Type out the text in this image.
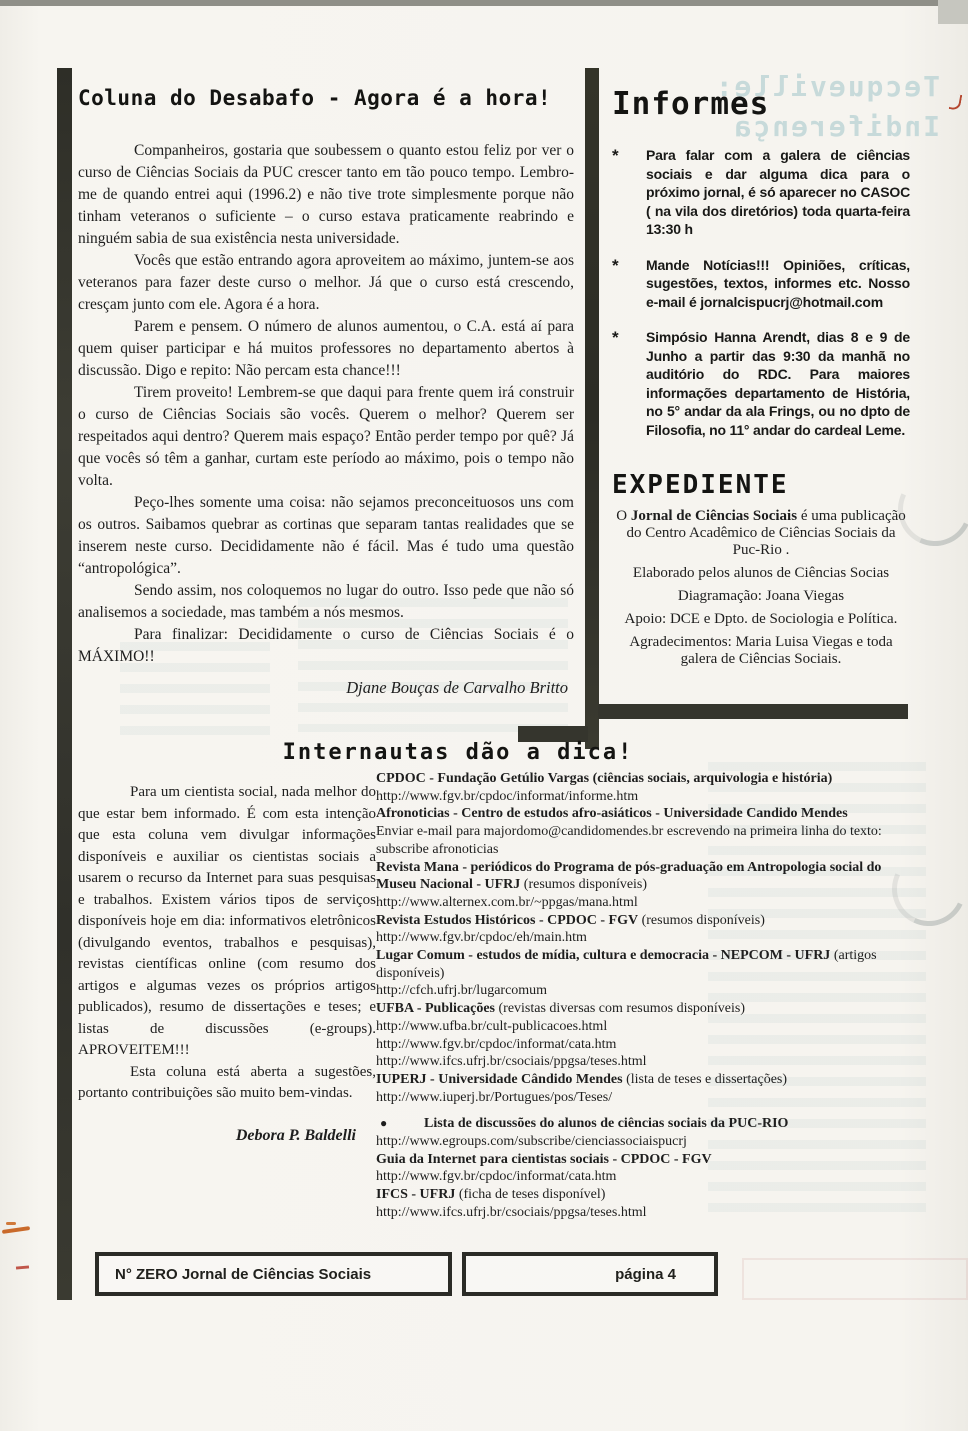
Tecqueville:
Indiferença
Coluna do Desabafo - Agora é a hora!

Companheiros, gostaria que soubessem o quanto estou feliz por ver o curso de Ciências Sociais da PUC crescer tanto em tão pouco tempo. Lembro-me de quando entrei aqui (1996.2) e não tive trote simplesmente porque não tinham veteranos o suficiente – o curso estava praticamente reabrindo e ninguém sabia de sua existência nesta universidade.

Vocês que estão entrando agora aproveitem ao máximo, juntem-se aos veteranos para fazer deste curso o melhor. Já que o curso está crescendo, cresçam junto com ele. Agora é a hora.

Parem e pensem. O número de alunos aumentou, o C.A. está aí para quem quiser participar e há muitos professores no departamento abertos à discussão. Digo e repito: Não percam esta chance!!!

Tirem proveito! Lembrem-se que daqui para frente quem irá construir o curso de Ciências Sociais são vocês. Querem o melhor? Querem ser respeitados aqui dentro? Querem mais espaço? Então perder tempo por quê? Já que vocês só têm a ganhar, curtam este período ao máximo, pois o tempo não volta.

Peço-lhes somente uma coisa: não sejamos preconceituosos uns com os outros. Saibamos quebrar as cortinas que separam tantas realidades que se inserem neste curso. Decididamente não é fácil. Mas é tudo uma questão “antropológica”.

Sendo assim, nos coloquemos no lugar do outro. Isso pede que não só analisemos a sociedade, mas também a nós mesmos.

Para finalizar: Decididamente o curso de Ciências Sociais é o MÁXIMO!!

Djane Bouças de Carvalho Britto
Informes
*	Para falar com a galera de ciências sociais e dar alguma dica para o próximo jornal, é só aparecer no CASOC ( na vila dos diretórios) toda quarta-feira 13:30 h
*	Mande Notícias!!! Opiniões, críticas, sugestões, textos, informes etc. Nosso e-mail é jornalcispucrj@hotmail.com
*	Simpósio Hanna Arendt, dias 8 e 9 de Junho a partir das 9:30 da manhã no auditório do RDC. Para maiores informações departamento de História, no 5° andar da ala Frings, ou no dpto de Filosofia, no 11° andar do cardeal Leme.
EXPEDIENTE

O Jornal de Ciências Sociais é uma publicação do Centro Acadêmico de Ciências Sociais da Puc-Rio .

Elaborado pelos alunos de Ciências Socias

Diagramação: Joana Viegas

Apoio: DCE e Dpto. de Sociologia e Política.

Agradecimentos: Maria Luisa Viegas e toda galera de Ciências Sociais.

Internautas dão a dica!

Para um cientista social, nada melhor do que estar bem informado. É com esta intenção que esta coluna vem divulgar informações disponíveis e auxiliar os cientistas sociais a usarem o recurso da Internet para suas pesquisas e trabalhos. Existem vários tipos de serviços disponíveis hoje em dia: informativos eletrônicos (divulgando eventos, trabalhos e pesquisas), revistas científicas online (com resumo dos artigos e algumas vezes os próprios artigos publicados), resumo de dissertações e teses; e listas de discussões (e-groups). APROVEITEM!!!

Esta coluna está aberta a sugestões, portanto contribuições são muito bem-vindas.

Debora P. Baldelli
CPDOC - Fundação Getúlio Vargas (ciências sociais, arquivologia e história)
http://www.fgv.br/cpdoc/informat/informe.htm
Afronoticias - Centro de estudos afro-asiáticos - Universidade Candido Mendes
Enviar e-mail para majordomo@candidomendes.br escrevendo na primeira linha do texto: subscribe afronoticias
Revista Mana - periódicos do Programa de pós-graduação em Antropologia social do Museu Nacional - UFRJ (resumos disponíveis)
http://www.alternex.com.br/~ppgas/mana.html
Revista Estudos Históricos - CPDOC - FGV (resumos disponíveis)
http://www.fgv.br/cpdoc/eh/main.htm
Lugar Comum - estudos de mídia, cultura e democracia - NEPCOM - UFRJ (artigos disponíveis)
http://cfch.ufrj.br/lugarcomum
UFBA - Publicações (revistas diversas com resumos disponíveis)
http://www.ufba.br/cult-publicacoes.html
http://www.fgv.br/cpdoc/informat/cata.htm
http://www.ifcs.ufrj.br/csociais/ppgsa/teses.html
IUPERJ - Universidade Cândido Mendes (lista de teses e dissertações)
http://www.iuperj.br/Portugues/pos/Teses/
●	Lista de discussões do alunos de ciências sociais da PUC-RIO
http://www.egroups.com/subscribe/cienciassociaispucrj
Guia da Internet para cientistas sociais - CPDOC - FGV
http://www.fgv.br/cpdoc/informat/cata.htm
IFCS - UFRJ (ficha de teses disponível)
http://www.ifcs.ufrj.br/csociais/ppgsa/teses.html
N° ZERO Jornal de Ciências Sociais	página 4
